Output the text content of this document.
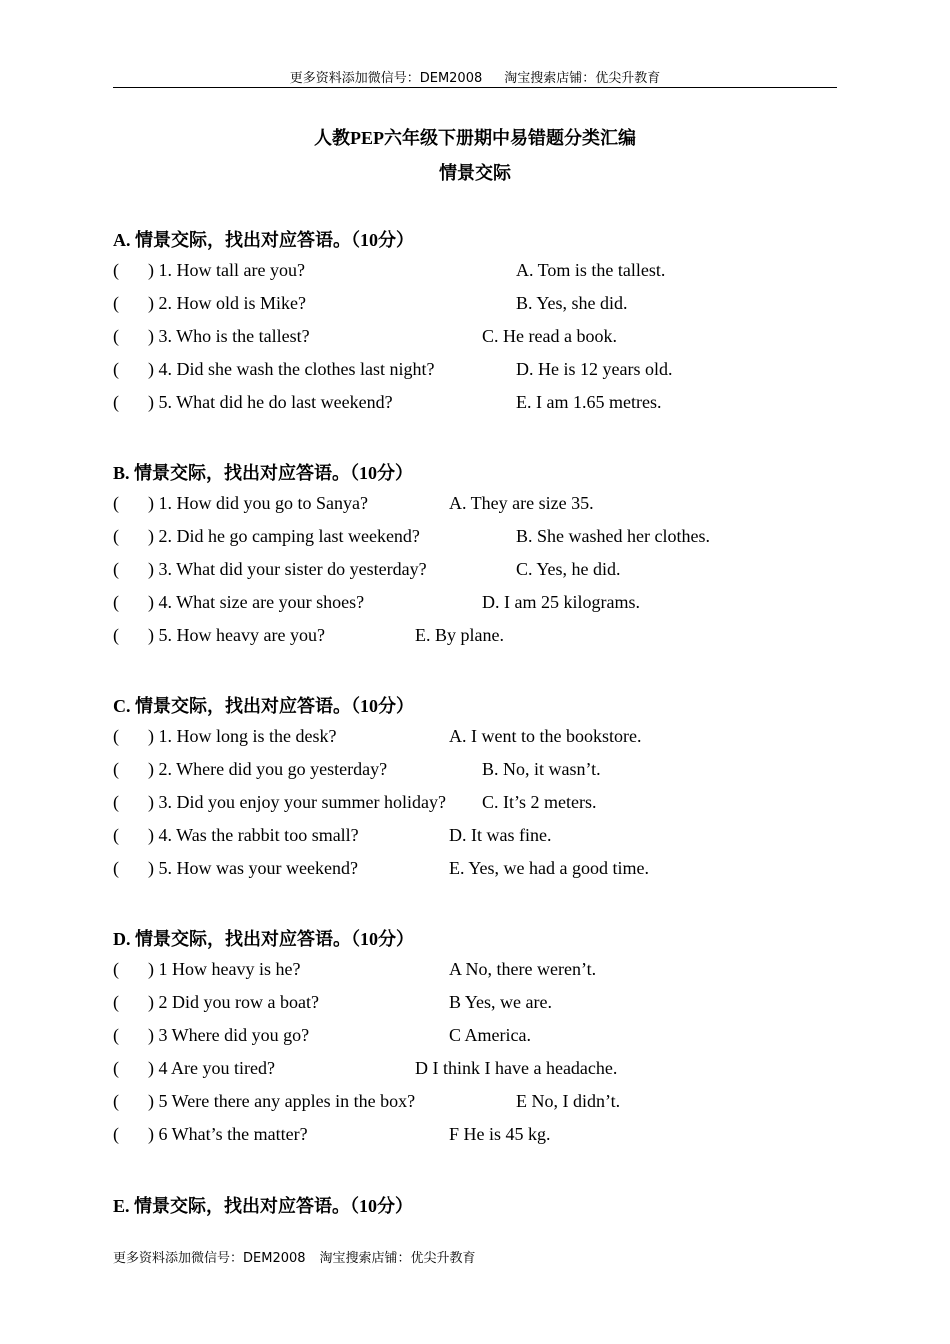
更多资料添加微信号：DEM2008 淘宝搜索店铺：优尖升教育
人教PEP六年级下册期中易错题分类汇编
情景交际
A. 情景交际，找出对应答语。（10分）
( ) 1. How tall are you?	A. Tom is the tallest.
( ) 2. How old is Mike?	B. Yes, she did.
( ) 3. Who is the tallest?	C. He read a book.
( ) 4. Did she wash the clothes last night?	D. He is 12 years old.
( ) 5. What did he do last weekend?	E. I am 1.65 metres.
B. 情景交际，找出对应答语。（10分）
( ) 1. How did you go to Sanya?	A. They are size 35.
( ) 2. Did he go camping last weekend?	B. She washed her clothes.
( ) 3. What did your sister do yesterday?	C. Yes, he did.
( ) 4. What size are your shoes?	D. I am 25 kilograms.
( ) 5. How heavy are you?	E. By plane.
C. 情景交际，找出对应答语。（10分）
( ) 1. How long is the desk?	A. I went to the bookstore.
( ) 2. Where did you go yesterday?	B. No, it wasn’t.
( ) 3. Did you enjoy your summer holiday? C. It’s 2 meters.
( ) 4. Was the rabbit too small?	D. It was fine.
( ) 5. How was your weekend?	E. Yes, we had a good time.
D. 情景交际，找出对应答语。（10分）
( ) 1 How heavy is he?	A No, there weren’t.
( ) 2 Did you row a boat?	B Yes, we are.
( ) 3 Where did you go?	C America.
( ) 4 Are you tired?	D I think I have a headache.
( ) 5 Were there any apples in the box?	E No, I didn’t.
( ) 6 What’s the matter?	F He is 45 kg.
E. 情景交际，找出对应答语。（10分）
更多资料添加微信号：DEM2008 淘宝搜索店铺：优尖升教育
